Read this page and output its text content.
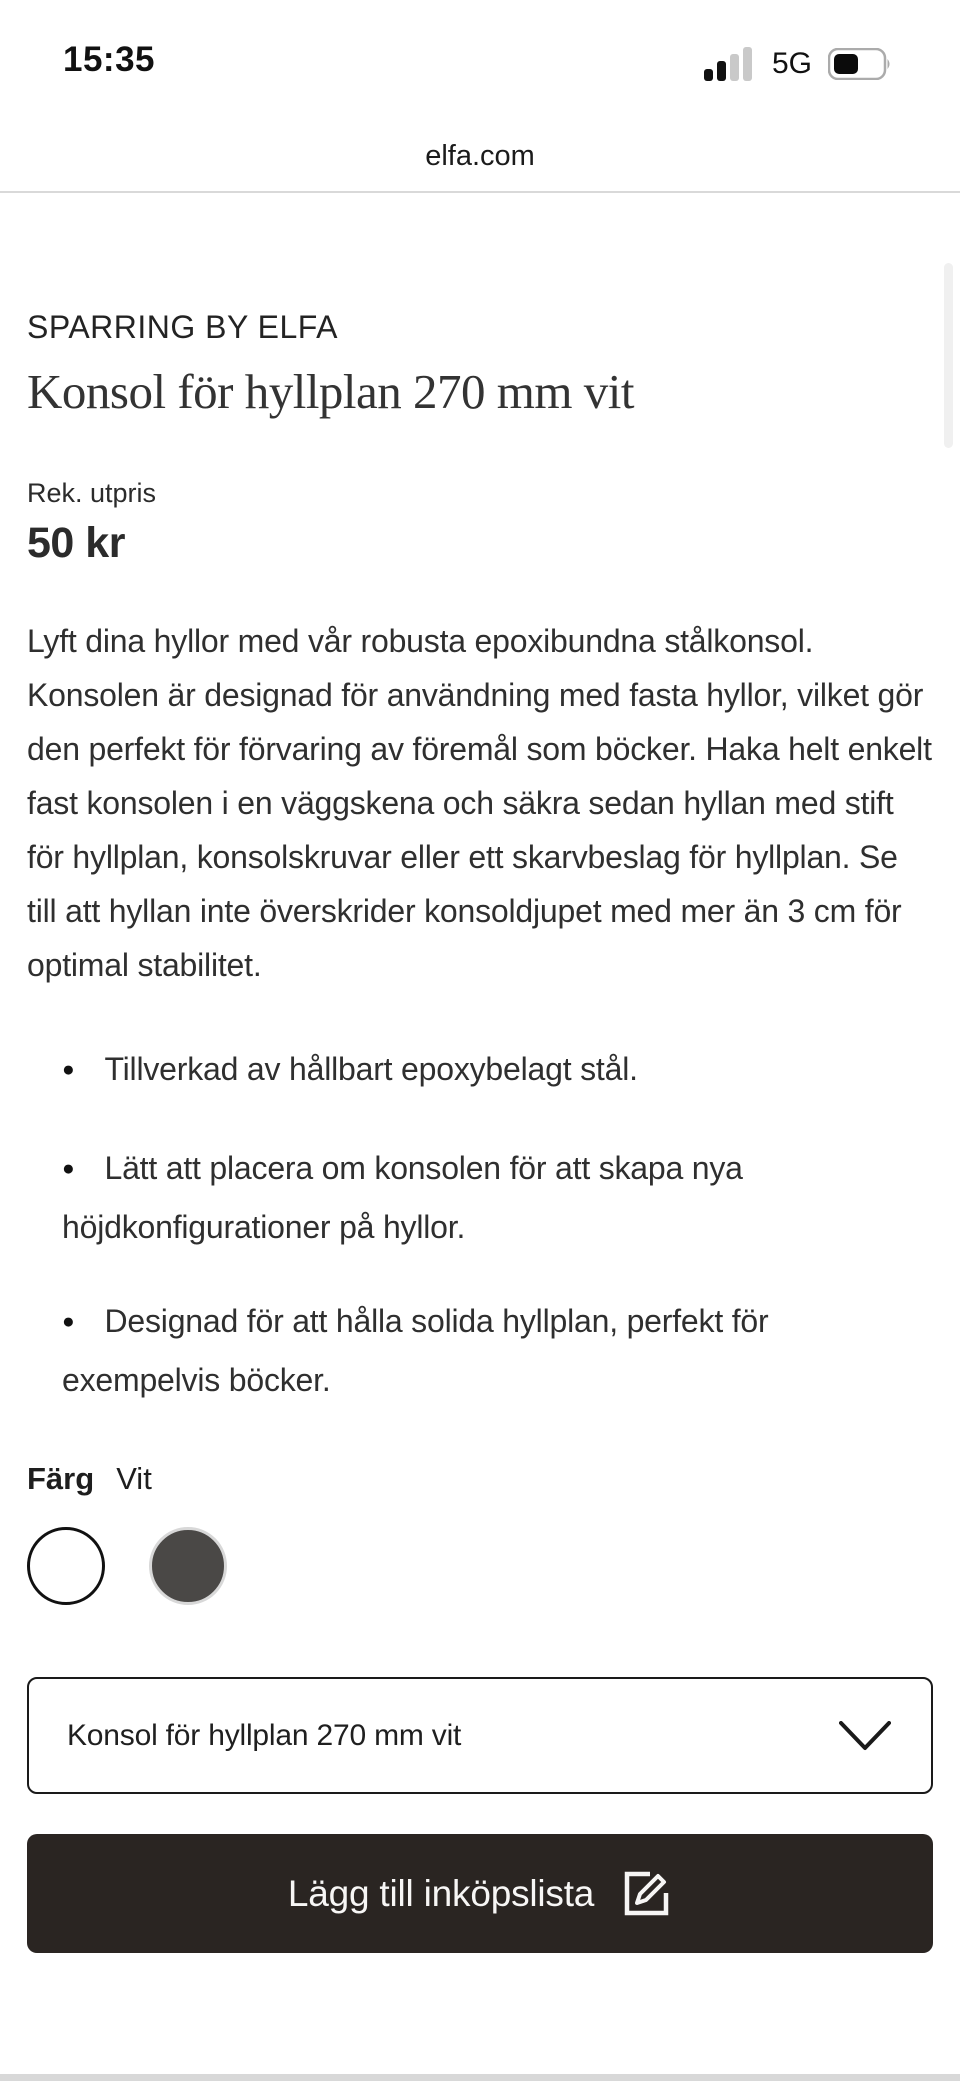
15:35	5G
elfa.com
SPARRING BY ELFA
Konsol för hyllplan 270 mm vit
Rek. utpris
50 kr

Lyft dina hyllor med vår robusta epoxibundna stålkonsol. Konsolen är designad för användning med fasta hyllor, vilket gör den perfekt för förvaring av föremål som böcker. Haka helt enkelt fast konsolen i en väggskena och säkra sedan hyllan med stift för hyllplan, konsolskruvar eller ett skarvbeslag för hyllplan. Se till att hyllan inte överskrider konsoldjupet med mer än 3 cm för optimal stabilitet.

● Tillverkad av hållbart epoxybelagt stål.
● Lätt att placera om konsolen för att skapa nya höjdkonfigurationer på hyllor.
● Designad för att hålla solida hyllplan, perfekt för exempelvis böcker.
Färg Vit
Konsol för hyllplan 270 mm vit
Lägg till inköpslista
